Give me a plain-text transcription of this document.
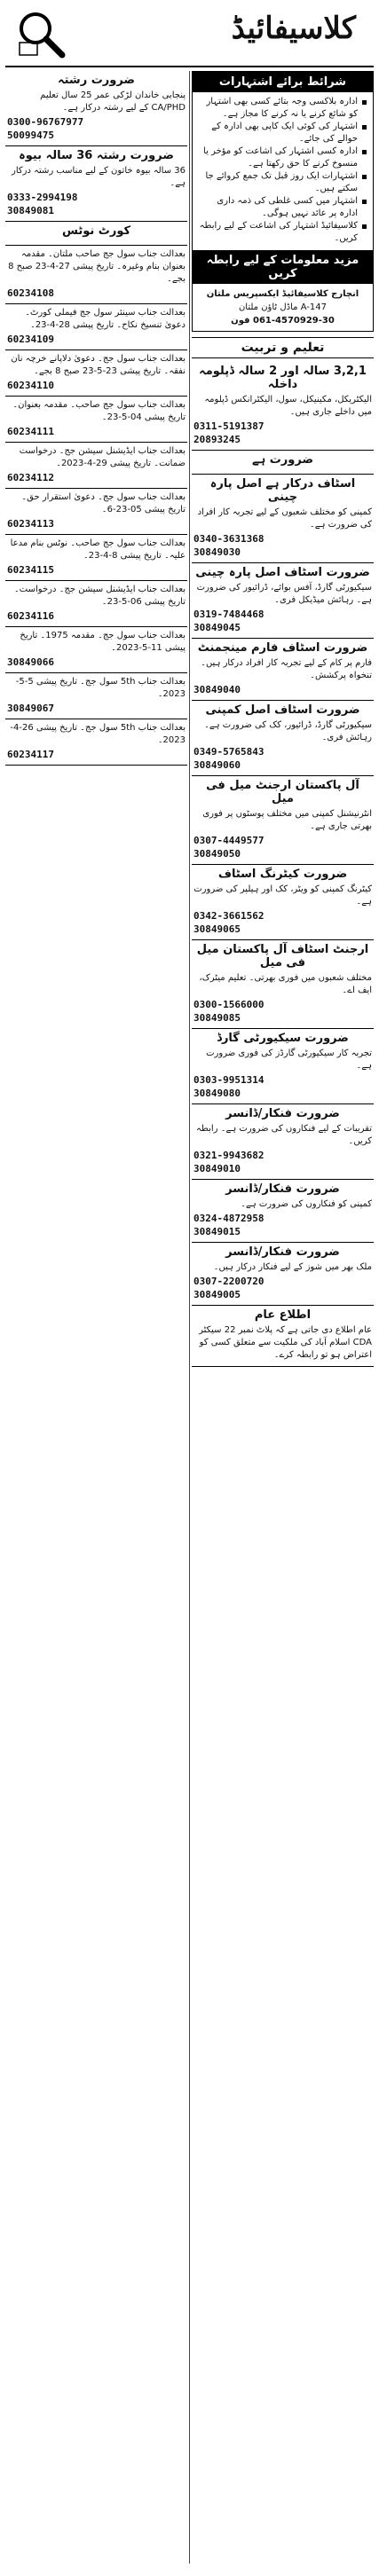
کلاسیفائیڈ
شرائط برائے اشتہارات
ادارہ بلاکسی وجہ بتائے کسی بھی اشتہار کو شائع کرنے یا نہ کرنے کا مجاز ہے۔
اشتہار کی کوئی ایک کاپی بھی ادارہ کے حوالے کی جائے۔
ادارہ کسی اشتہار کی اشاعت کو مؤخر یا منسوخ کرنے کا حق رکھتا ہے۔
اشتہارات ایک روز قبل تک جمع کروائے جا سکتے ہیں۔
اشتہار میں کسی غلطی کی ذمہ داری ادارہ پر عائد نہیں ہوگی۔
کلاسیفائیڈ اشتہار کی اشاعت کے لیے رابطہ کریں۔
مزید معلومات کے لیے رابطہ کریں
انچارج کلاسیفائیڈ ایکسپریس ملتان
A-147 ماڈل ٹاؤن ملتان
061-4570929-30 فون
تعلیم و تربیت
3,2,1 سالہ اور 2 سالہ ڈپلومہ داخلہ
الیکٹریکل، مکینیکل، سول، الیکٹرانکس ڈپلومہ میں داخلے جاری ہیں۔
0311-5191387
20893245
ضرورت ہے
اسٹاف درکار ہے اصل پارہ چینی
کمپنی کو مختلف شعبوں کے لیے تجربہ کار افراد کی ضرورت ہے۔
0340-3631368
30849030
ضرورت اسٹاف اصل پارہ چینی
سیکیورٹی گارڈ، آفس بوائے، ڈرائیور کی ضرورت ہے۔ رہائش میڈیکل فری۔
0319-7484468
30849045
ضرورت اسٹاف فارم مینجمنٹ
فارم پر کام کے لیے تجربہ کار افراد درکار ہیں۔ تنخواہ پرکشش۔
30849040
ضرورت اسٹاف اصل کمپنی
سیکیورٹی گارڈ، ڈرائیور، کک کی ضرورت ہے۔ رہائش فری۔
0349-5765843
30849060
آل پاکستان ارجنٹ میل فی میل
انٹرنیشنل کمپنی میں مختلف پوسٹوں پر فوری بھرتی جاری ہے۔
0307-4449577
30849050
ضرورت کیٹرنگ اسٹاف
کیٹرنگ کمپنی کو ویٹر، کک اور ہیلپر کی ضرورت ہے۔
0342-3661562
30849065
ارجنٹ اسٹاف آل پاکستان میل فی میل
مختلف شعبوں میں فوری بھرتی۔ تعلیم میٹرک، ایف اے۔
0300-1566000
30849085
ضرورت سیکیورٹی گارڈ
تجربہ کار سیکیورٹی گارڈز کی فوری ضرورت ہے۔
0303-9951314
30849080
ضرورت فنکار/ڈانسر
تقریبات کے لیے فنکاروں کی ضرورت ہے۔ رابطہ کریں۔
0321-9943682
30849010
ضرورت فنکار/ڈانسر
کمپنی کو فنکاروں کی ضرورت ہے۔
0324-4872958
30849015
ضرورت فنکار/ڈانسر
ملک بھر میں شوز کے لیے فنکار درکار ہیں۔
0307-2200720
30849005
اطلاع عام
عام اطلاع دی جاتی ہے کہ پلاٹ نمبر 22 سیکٹر CDA اسلام آباد کی ملکیت سے متعلق کسی کو اعتراض ہو تو رابطہ کرے۔
ضرورت رشتہ
پنجابی خاندان لڑکی عمر 25 سال تعلیم CA/PHD کے لیے رشتہ درکار ہے۔
0300-96767977
50099475
ضرورت رشتہ 36 سالہ بیوہ
36 سالہ بیوہ خاتون کے لیے مناسب رشتہ درکار ہے۔
0333-2994198
30849081
کورٹ نوٹس
بعدالت جناب سول جج صاحب ملتان۔ مقدمہ بعنوان بنام وغیرہ۔ تاریخ پیشی 27-4-23 صبح 8 بجے۔
60234108
بعدالت جناب سینئر سول جج فیملی کورٹ۔ دعویٰ تنسیخ نکاح۔ تاریخ پیشی 28-4-23۔
60234109
بعدالت جناب سول جج۔ دعویٰ دلاپانے خرچہ نان نفقہ۔ تاریخ پیشی 23-5-23 صبح 8 بجے۔
60234110
بعدالت جناب سول جج صاحب۔ مقدمہ بعنوان۔ تاریخ پیشی 04-5-23۔
60234111
بعدالت جناب ایڈیشنل سیشن جج۔ درخواست ضمانت۔ تاریخ پیشی 29-4-2023۔
60234112
بعدالت جناب سول جج۔ دعویٰ استقرار حق۔ تاریخ پیشی 05-23-6۔
60234113
بعدالت جناب سول جج صاحب۔ نوٹس بنام مدعا علیہ۔ تاریخ پیشی 8-4-23۔
60234115
بعدالت جناب ایڈیشنل سیشن جج۔ درخواست۔ تاریخ پیشی 06-5-23۔
60234116
بعدالت جناب سول جج۔ مقدمہ 1975۔ تاریخ پیشی 11-5-2023۔
30849066
بعدالت جناب 5th سول جج۔ تاریخ پیشی 5-5-2023۔
30849067
بعدالت جناب 5th سول جج۔ تاریخ پیشی 26-4-2023۔
60234117
